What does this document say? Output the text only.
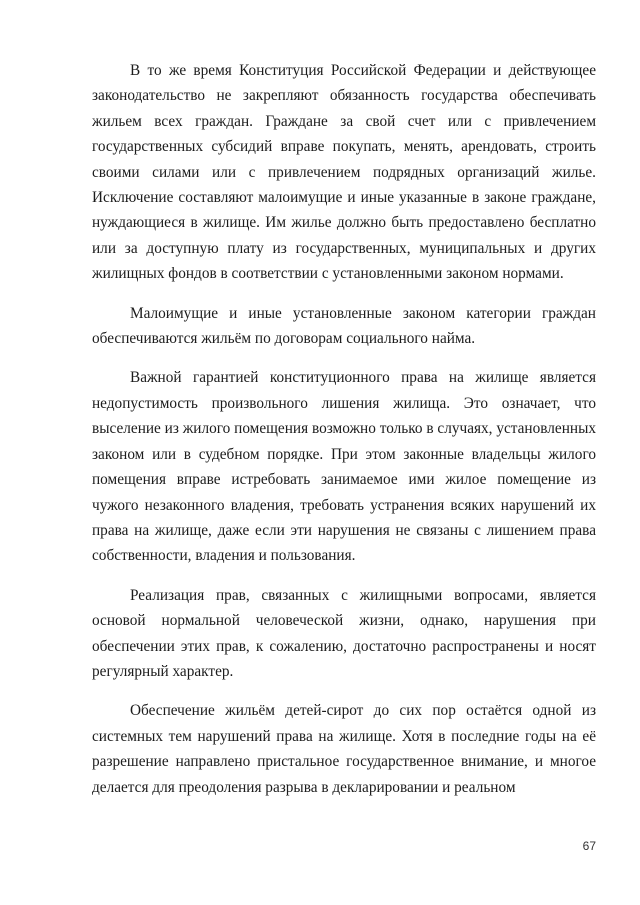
В то же время Конституция Российской Федерации и действующее законодательство не закрепляют обязанность государства обеспечивать жильем всех граждан. Граждане за свой счет или с привлечением государственных субсидий вправе покупать, менять, арендовать, строить своими силами или с привлечением подрядных организаций жилье. Исключение составляют малоимущие и иные указанные в законе граждане, нуждающиеся в жилище. Им жилье должно быть предоставлено бесплатно или за доступную плату из государственных, муниципальных и других жилищных фондов в соответствии с установленными законом нормами.

Малоимущие и иные установленные законом категории граждан обеспечиваются жильём по договорам социального найма.

Важной гарантией конституционного права на жилище является недопустимость произвольного лишения жилища. Это означает, что выселение из жилого помещения возможно только в случаях, установленных законом или в судебном порядке. При этом законные владельцы жилого помещения вправе истребовать занимаемое ими жилое помещение из чужого незаконного владения, требовать устранения всяких нарушений их права на жилище, даже если эти нарушения не связаны с лишением права собственности, владения и пользования.

Реализация прав, связанных с жилищными вопросами, является основой нормальной человеческой жизни, однако, нарушения при обеспечении этих прав, к сожалению, достаточно распространены и носят регулярный характер.

Обеспечение жильём детей-сирот до сих пор остаётся одной из системных тем нарушений права на жилище. Хотя в последние годы на её разрешение направлено пристальное государственное внимание, и многое делается для преодоления разрыва в декларировании и реальном

67
